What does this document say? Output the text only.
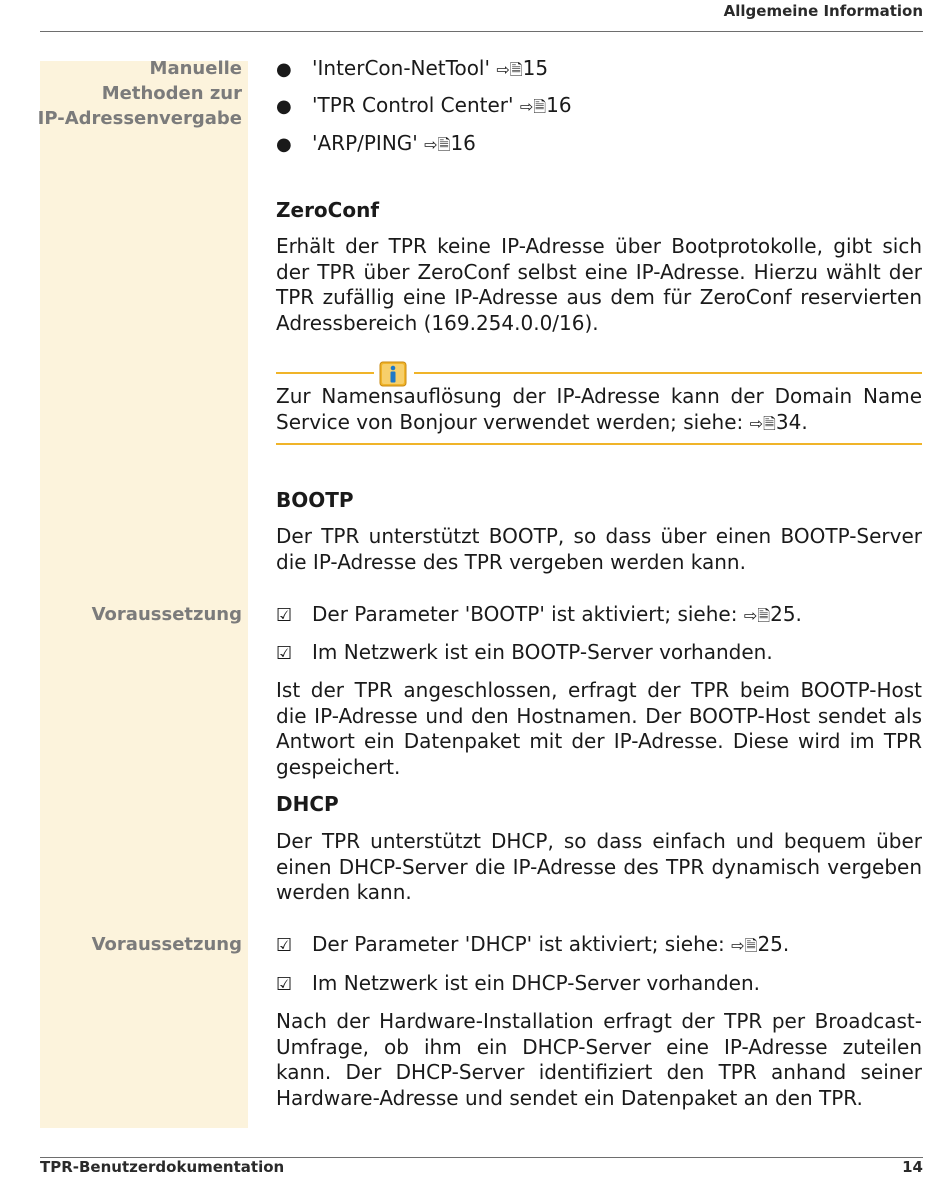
Allgemeine Information
Manuelle
Methoden zur
IP-Adressenvergabe
Voraussetzung
Voraussetzung
● 'InterCon-NetTool' ⇨🗎15
● 'TPR Control Center' ⇨🗎16
● 'ARP/PING' ⇨🗎16
ZeroConf
Erhält der TPR keine IP-Adresse über Bootprotokolle, gibt sich der TPR über ZeroConf selbst eine IP-Adresse. Hierzu wählt der TPR zufällig eine IP-Adresse aus dem für ZeroConf reservierten Adressbereich (169.254.0.0/16).
Zur Namensauflösung der IP-Adresse kann der Domain Name Service von Bonjour verwendet werden; siehe: ⇨🗎34.
BOOTP
Der TPR unterstützt BOOTP, so dass über einen BOOTP-Server die IP-Adresse des TPR vergeben werden kann.
☑ Der Parameter 'BOOTP' ist aktiviert; siehe: ⇨🗎25.
☑ Im Netzwerk ist ein BOOTP-Server vorhanden.
Ist der TPR angeschlossen, erfragt der TPR beim BOOTP-Host die IP-Adresse und den Hostnamen. Der BOOTP-Host sendet als Antwort ein Datenpaket mit der IP-Adresse. Diese wird im TPR gespeichert.
DHCP
Der TPR unterstützt DHCP, so dass einfach und bequem über einen DHCP-Server die IP-Adresse des TPR dynamisch vergeben werden kann.
☑ Der Parameter 'DHCP' ist aktiviert; siehe: ⇨🗎25.
☑ Im Netzwerk ist ein DHCP-Server vorhanden.
Nach der Hardware-Installation erfragt der TPR per Broadcast-Umfrage, ob ihm ein DHCP-Server eine IP-Adresse zuteilen kann. Der DHCP-Server identifiziert den TPR anhand seiner Hardware-Adresse und sendet ein Datenpaket an den TPR.
TPR-Benutzerdokumentation	14
